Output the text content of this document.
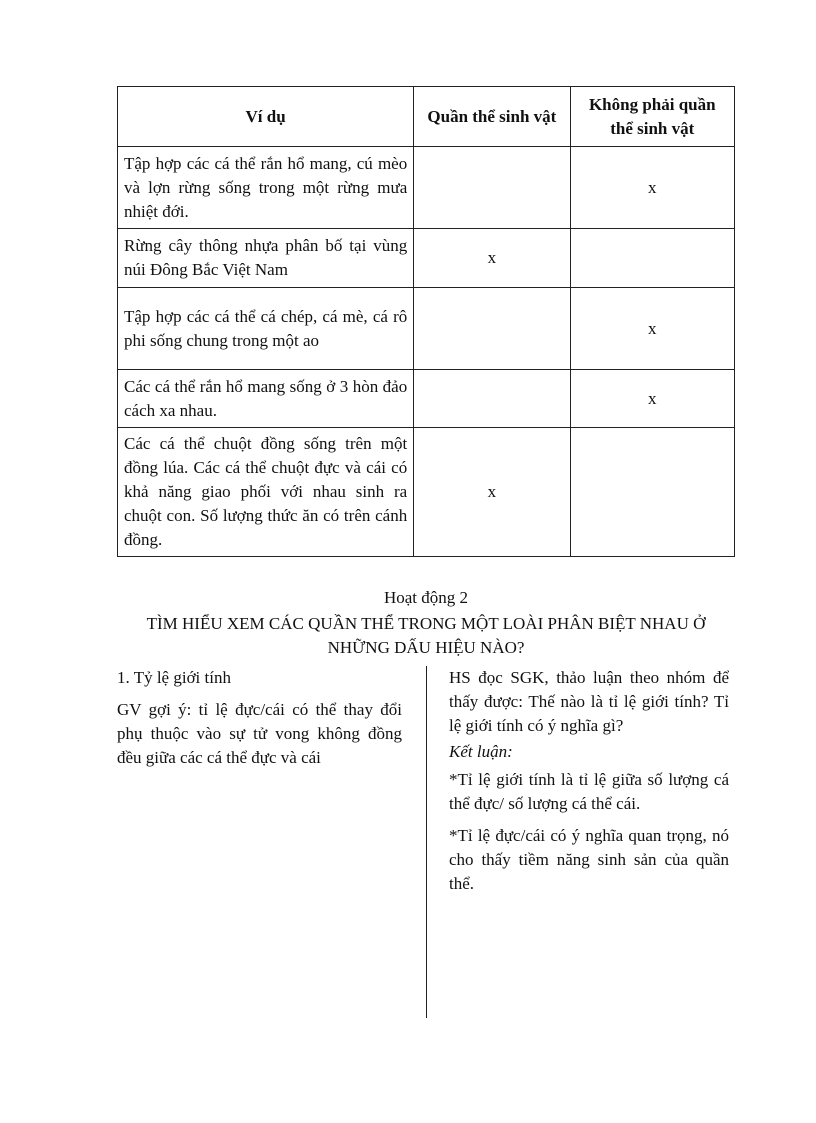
Ví dụ	Quần thể sinh vật	Không phải quần thể sinh vật
Tập hợp các cá thể rắn hổ mang, cú mèo và lợn rừng sống trong một rừng mưa nhiệt đới.		x
Rừng cây thông nhựa phân bố tại vùng núi Đông Bắc Việt Nam	x	
Tập hợp các cá thể cá chép, cá mè, cá rô phi sống chung trong một ao		x
Các cá thể rắn hổ mang sống ở 3 hòn đảo cách xa nhau.		x
Các cá thể chuột đồng sống trên một đồng lúa. Các cá thể chuột đực và cái có khả năng giao phối với nhau sinh ra chuột con. Số lượng thức ăn có trên cánh đồng.	x	
Hoạt động 2
TÌM HIỂU XEM CÁC QUẦN THỂ TRONG MỘT LOÀI PHÂN BIỆT NHAU Ở NHỮNG DẤU HIỆU NÀO?

1. Tỷ lệ giới tính

GV gợi ý: tỉ lệ đực/cái có thể thay đổi phụ thuộc vào sự tử vong không đồng đều giữa các cá thể đực và cái

HS đọc SGK, thảo luận theo nhóm để thấy được: Thế nào là tỉ lệ giới tính? Tỉ lệ giới tính có ý nghĩa gì?

Kết luận:

*Tỉ lệ giới tính là tỉ lệ giữa số lượng cá thể đực/ số lượng cá thể cái.

*Tỉ lệ đực/cái có ý nghĩa quan trọng, nó cho thấy tiềm năng sinh sản của quần thể.
